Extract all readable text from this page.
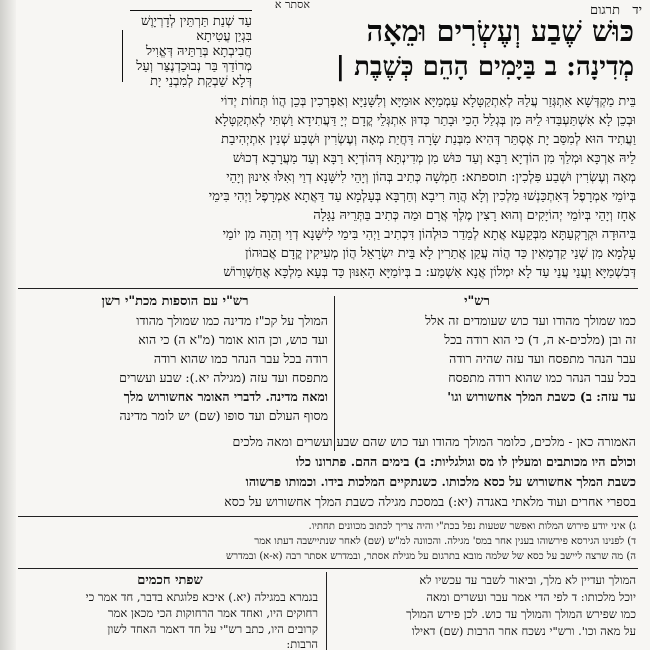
אסתר א	יד
תרגום
כּוּשׁ שֶׁבַע וְעֶשְׂרִים וּמֵאָה
מְדִינָה: ב בַּיָּמִים הָהֵם כְּשֶׁבֶת |
עַד שְׁנַת תַּרְתֵּין לְדָרְיָוֶשׁ
בִּגְיַן עֲטִיתָא
חֲבִיבְתָא בְּרַתֵּיהּ דְּאֱוִיל
מְרוֹדַךְ בַּר נְבוּכַדְנֶצַּר וְעַל
דְּלָא שַׁבְקַת לְמִבְנֵי יָת
בֵּית מַקְדְּשָׁא אִתְגְּזַר עֲלַהּ לְאִתְקַטָּלָא עַמְמַיָּא אוּמַיָּא וְלִשָּׁנַיָּא וְאַפְרְכִין בְּכֵן הֲווֹ תְּחוֹת יְדוֹי
וּבְכֵן לָא אִשְׁתַּעְבַּדוּ לֵיהּ מִן בְּגְלַל הָכֵי וּבָתַר כְּדוּן אִתְגְּלֵי קֳדָם יְיָ דַּעֲתִידָא וַשְׁתִּי לְאִתְקַטָּלָא
וַעֲתִיד הוּא לְמִסַּב יָת אֶסְתֵּר דְּהִיא מִבְּנַת שָׂרָה דַּחֲיַת מְאָה וְעֶשְׂרִין וּשְׁבַע שְׁנִין אִתְיְהִיבַת
לֵיהּ אַרְכָּא וּמְלַךְ מִן הוֹדְיָא רַבָּא וְעַד כּוּשׁ מִן מְדִינְתָּא דְּהוֹדְיָא רַבָּא וְעַד מַעֲרָבָא דְכוּשׁ
מְאָה וְעֶשְׂרִין וּשְׁבַע פִּלְכִין: תוספתא: חַמְשָׁה כְּתִיב בְּהוֹן וְיָהֵי לִישָּׁנָא דְוַי וְאִלּוּ אִינוּן וְיָהֵי
בְּיוֹמֵי אַמְרָפֶל דְּאִתְכַּנְשׁוּ מַלְכִין וְלָא הֲוָה רִיבָא וְחַרְבָּא בְּעָלְמָא עַד דַּאֲתָא אַמְרָפֶל וַיְהִי בִּימֵי
אָחָז וְיָהֵי בְּיוֹמֵי יְהוֹיָקִים וְהוּא רָצִין מֶלֶךְ אֲרָם וּמַה כְּתִיב בַּתְּרֵיהּ נַגָּלָה
בִּיהוּדָה וּקְרָקְעַתָּא מִבְּקֵעָא אֲתָא לְמֵדַר כּוּלְהוֹן דִּכְתִיב וַיְהִי בִּימֵי לִישָּׁנָא דְוַי וְהֵוָה מִן יוֹמֵי
עָלְמָא מִן שְׁנֵי קַדְמָאִין כַּד הֲוֹה עֲקַן אֲתַרִין לָא בֵּית יִשְׂרָאֵל הֲוֹן מְעִיקִין קֳדָם אֲבוּהוֹן
דְּבִשְׁמַיָּא וַעֲנֵי עֲנֵי עַד לָא יִמְלוֹן אֲנָא אִשְׁמַע: ב בְּיוֹמַיָּא הָאִנּוּן כַּד בְּעָא מַלְכָּא אֲחַשְׁוֵרוֹשׁ
רש"י
כמו שמולך מהודו ועד כוש שעומדים זה אלל
זה ובן (מלכים-א ה, ד) כי הוא רודה בכל
עבר הנהר מתפסח ועד עזה שהיה רודה
בכל עבר הנהר כמו שהוא רודה מתפסח
עד עזה: ב) כשבת המלך אחשורוש וגו'
רש"י עם הוספות מכת"י רשן
המולך על קכ"ז מדינה כמו שמולך מהודו
ועד כוש, וכן הוא אומר (מ"א ה) כי הוא
רודה בכל עבר הנהר כמו שהוא רודה
מתפסח ועד עזה (מגילה יא.): שבע ועשרים
ומאה מדינה. לדברי האומר אחשורוש מלך
מסוף העולם ועד סופו (שם) יש לומר מדינה
האמורה כאן - מלכים, כלומר המולך מהודו ועד כוש שהם שבע ועשרים ומאה מלכים
וכולם היו מכותבים ומעלין לו מס וגולגליות: ב) בימים ההם. פתרונו כלו
כשבת המלך אחשורוש על כסא מלכותו. כשנתקיים המלכות בידו. וכמותו פרשוהו
בספרי אחרים ועוד מלאתי באגדה (יא:) במסכת מגילה כשבת המלך אחשורוש על כסא
ג) איני יודע פירוש המלות ואפשר שטעות נפל בכת"י והיה צריך לכתוב מכוונים תחתיו.
ד) לפנינו הגירסא פירשוהו בענין אחר במס' מגילה. והכוונה למ"ש (שם) לאחר שנתיישבה דעתו אמר
ה) מה שרצה ליישב על כסא של שלמה מובא בתרגום על מגילת אסתר, ובמדרש אסתר רבה (א-א) ובמדרש
המולך ועדיין לא מלך, וביאור לשבר עד עכשיו לא
יוכל מלכותו: ד לפי הדי אמר עבר ועשרים ומאה
כמו שפירש המולך והמולך עד כוש. לכן פירש המולך
על מאה וכו'. ורש"י נשכח אחר הרבות (שם) דאילו
שפתי חכמים
בגמרא במגילה (יא.) איכא פלוגתא בדבר, חד אמר כי
רחוקים היו, ואחד אמר הרחוקות הכי מכאן אמר
קרובים היו, כתב רש"י על חד דאמר האחד לשון
הרבות:
